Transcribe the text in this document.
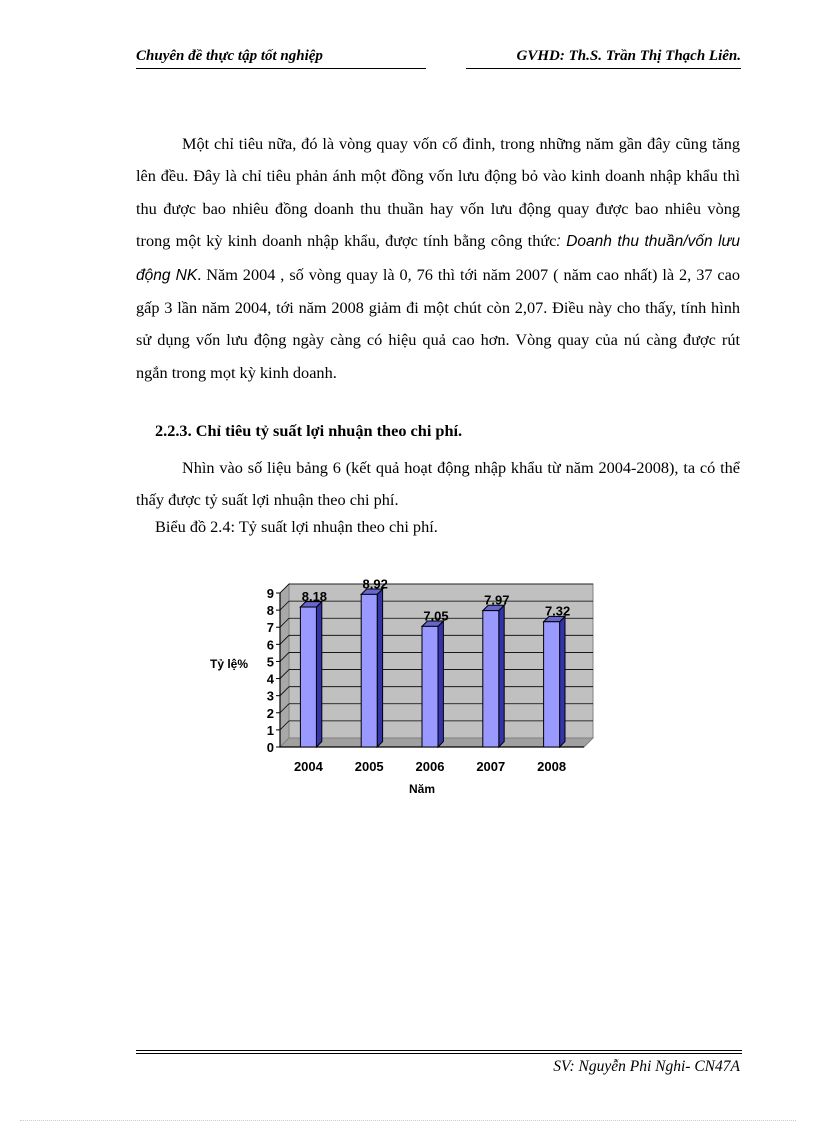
Chuyên đề thực tập tốt nghiệp	GVHD: Th.S. Trần Thị Thạch Liên.

Một chỉ tiêu nữa, đó là vòng quay vốn cố đinh, trong những năm gần đây cũng tăng lên đều. Đây là chỉ tiêu phản ánh một đồng vốn lưu động bỏ vào kinh doanh nhập khẩu thì thu được bao nhiêu đồng doanh thu thuần hay vốn lưu động quay được bao nhiêu vòng trong một kỳ kinh doanh nhập khẩu, được tính bằng công thức: Doanh thu thuần/vốn lưu động NK. Năm 2004 , số vòng quay là 0, 76 thì tới năm 2007 ( năm cao nhất) là 2, 37 cao gấp 3 lần năm 2004, tới năm 2008 giảm đi một chút còn 2,07. Điều này cho thấy, tính hình sử dụng vốn lưu động ngày càng có hiệu quả cao hơn. Vòng quay của nú càng được rút ngắn trong mọt kỳ kinh doanh.

2.2.3. Chỉ tiêu tỷ suất lợi nhuận theo chi phí.

Nhìn vào số liệu bảng 6 (kết quả hoạt động nhập khẩu từ năm 2004-2008), ta có thể thấy được tỷ suất lợi nhuận theo chi phí.

Biểu đồ 2.4: Tỷ suất lợi nhuận theo chi phí.
0
1
2
3
4
5
6
7
8
9 8.18
2004
8.92
2005
7.05
2006
7.97
2007
7.32
2008
Tỷ lệ%
Năm
SV: Nguyễn Phi Nghi- CN47A
